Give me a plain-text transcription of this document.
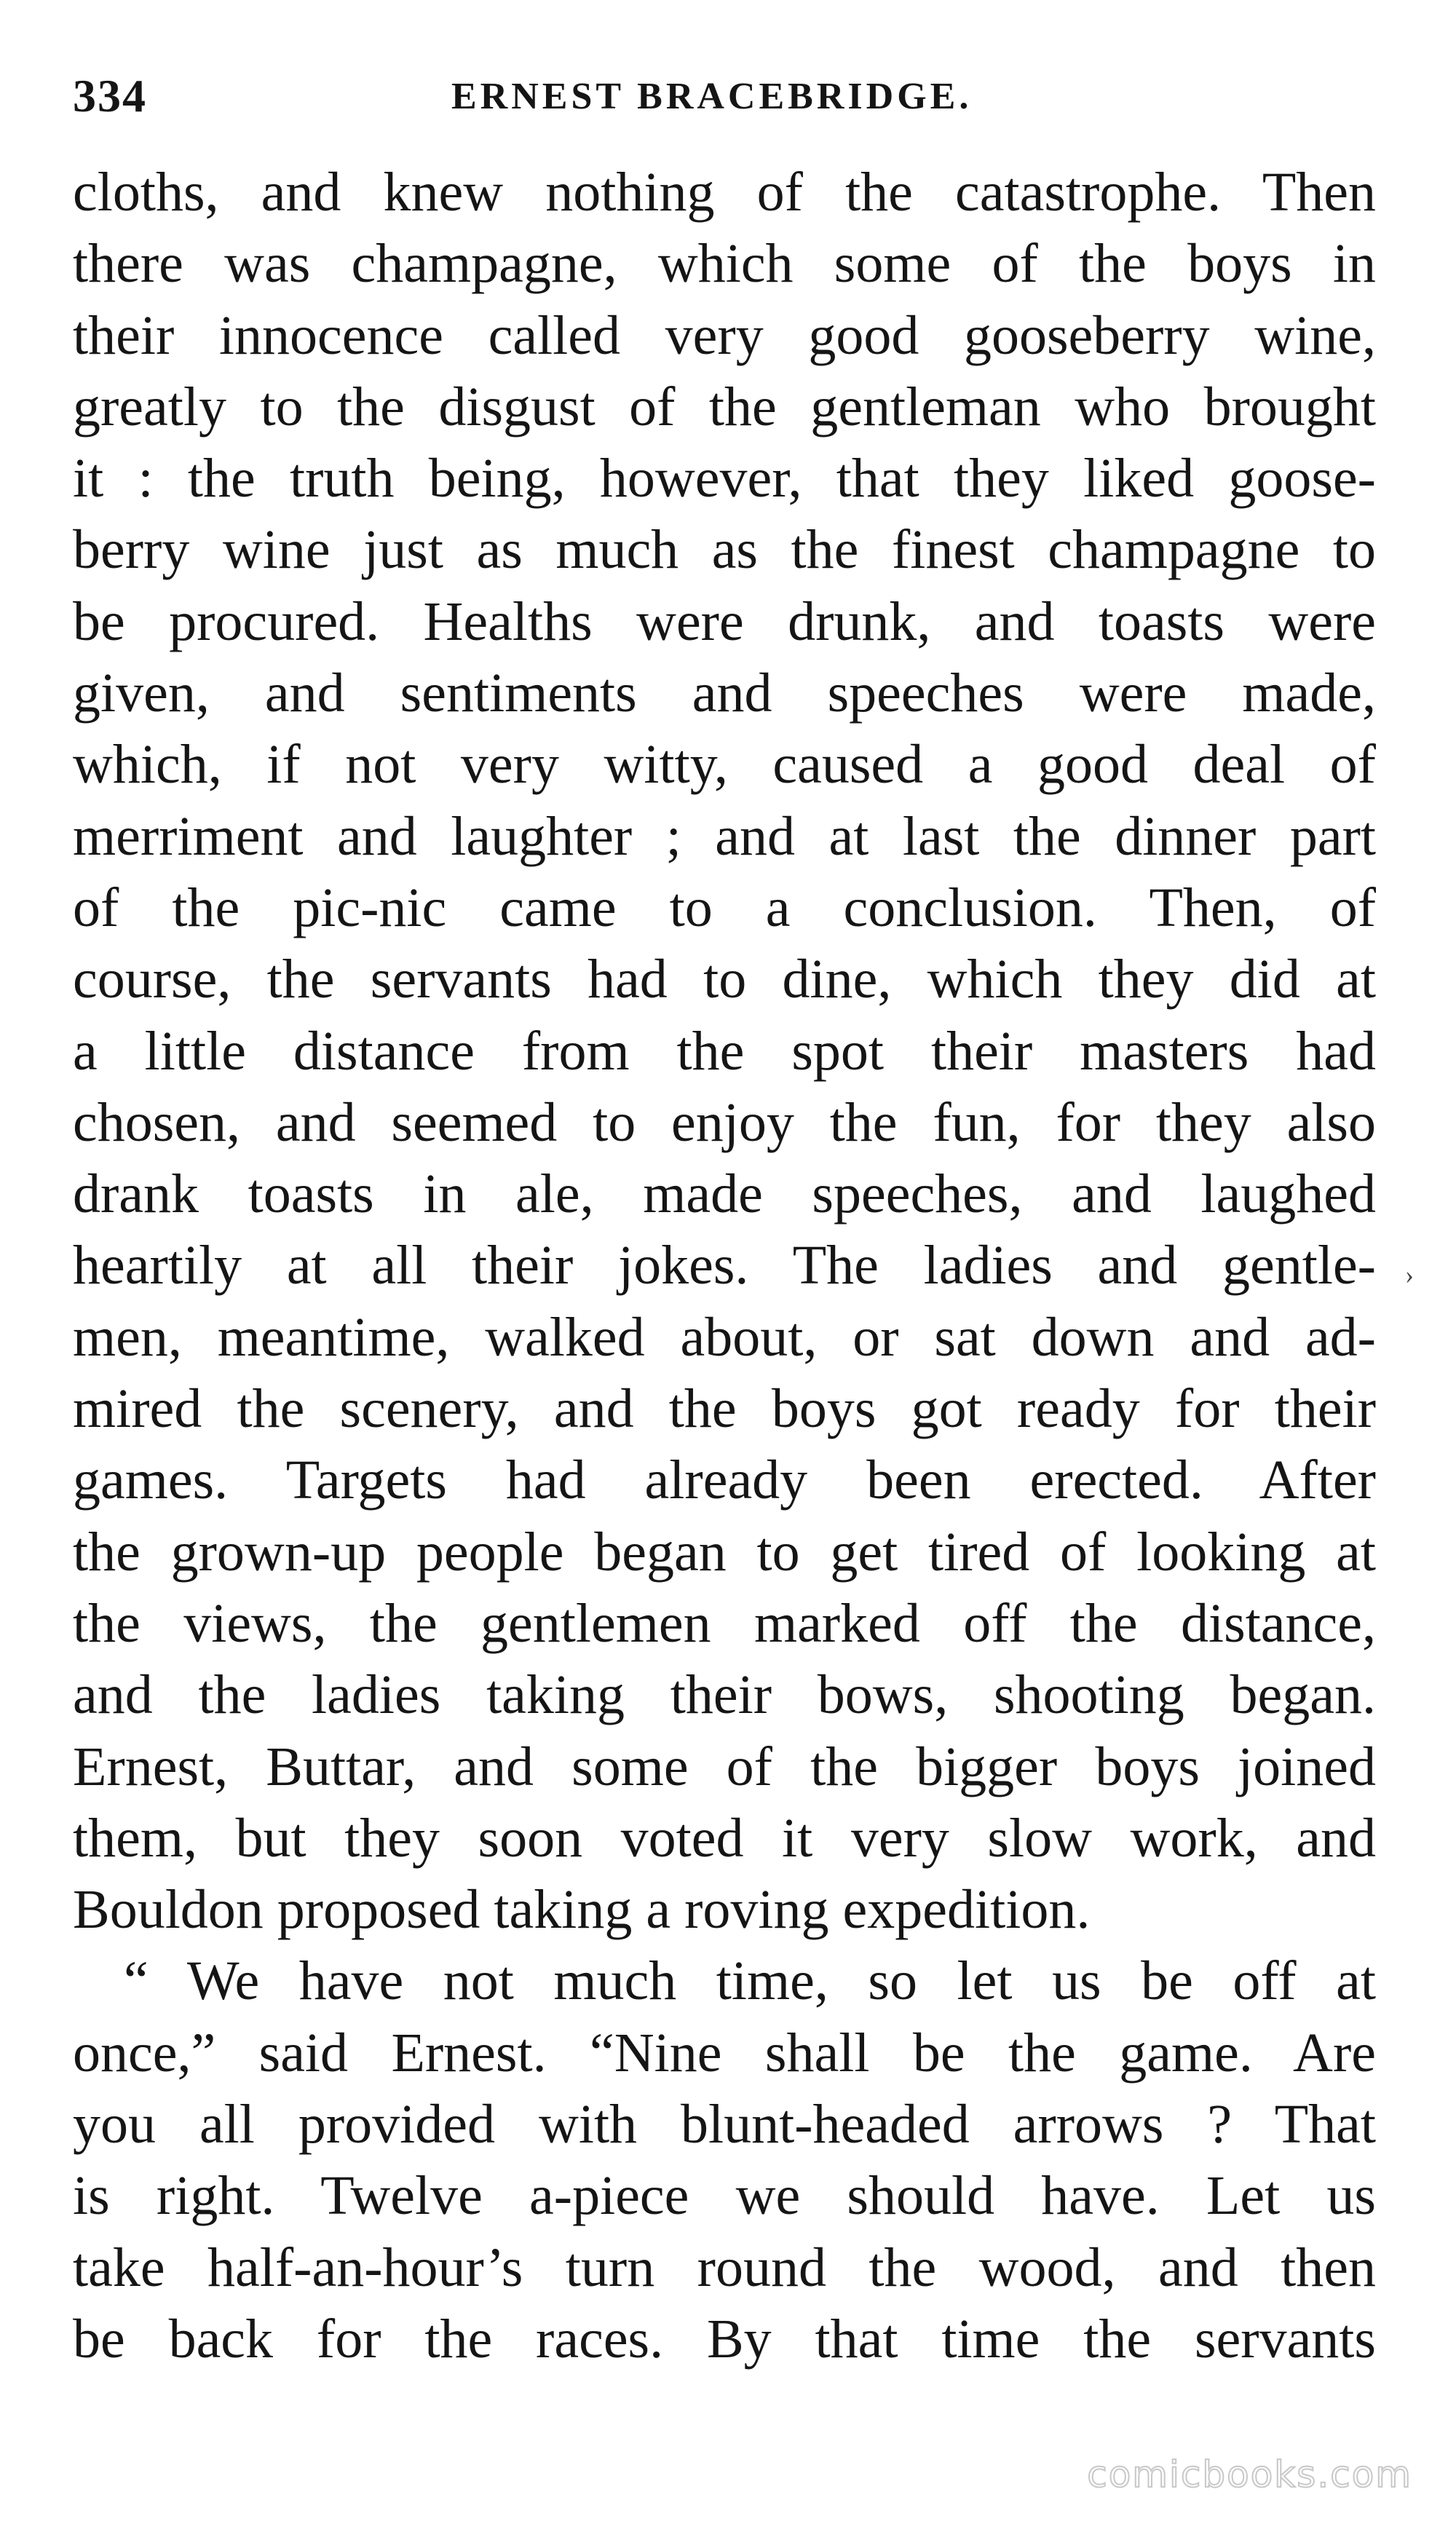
334	ERNEST BRACEBRIDGE.
cloths, and knew nothing of the catastrophe. Then
there was champagne, which some of the boys in
their innocence called very good gooseberry wine,
greatly to the disgust of the gentleman who brought
it : the truth being, however, that they liked goose-
berry wine just as much as the finest champagne to
be procured. Healths were drunk, and toasts were
given, and sentiments and speeches were made,
which, if not very witty, caused a good deal of
merriment and laughter ; and at last the dinner part
of the pic-nic came to a conclusion. Then, of
course, the servants had to dine, which they did at
a little distance from the spot their masters had
chosen, and seemed to enjoy the fun, for they also
drank toasts in ale, made speeches, and laughed
heartily at all their jokes. The ladies and gentle-
men, meantime, walked about, or sat down and ad-
mired the scenery, and the boys got ready for their
games. Targets had already been erected. After
the grown-up people began to get tired of looking at
the views, the gentlemen marked off the distance,
and the ladies taking their bows, shooting began.
Ernest, Buttar, and some of the bigger boys joined
them, but they soon voted it very slow work, and
Bouldon proposed taking a roving expedition.
“ We have not much time, so let us be off at
once,” said Ernest. “Nine shall be the game. Are
you all provided with blunt-headed arrows ? That
is right. Twelve a-piece we should have. Let us
take half-an-hour’s turn round the wood, and then
be back for the races. By that time the servants
›
comicbooks.com
